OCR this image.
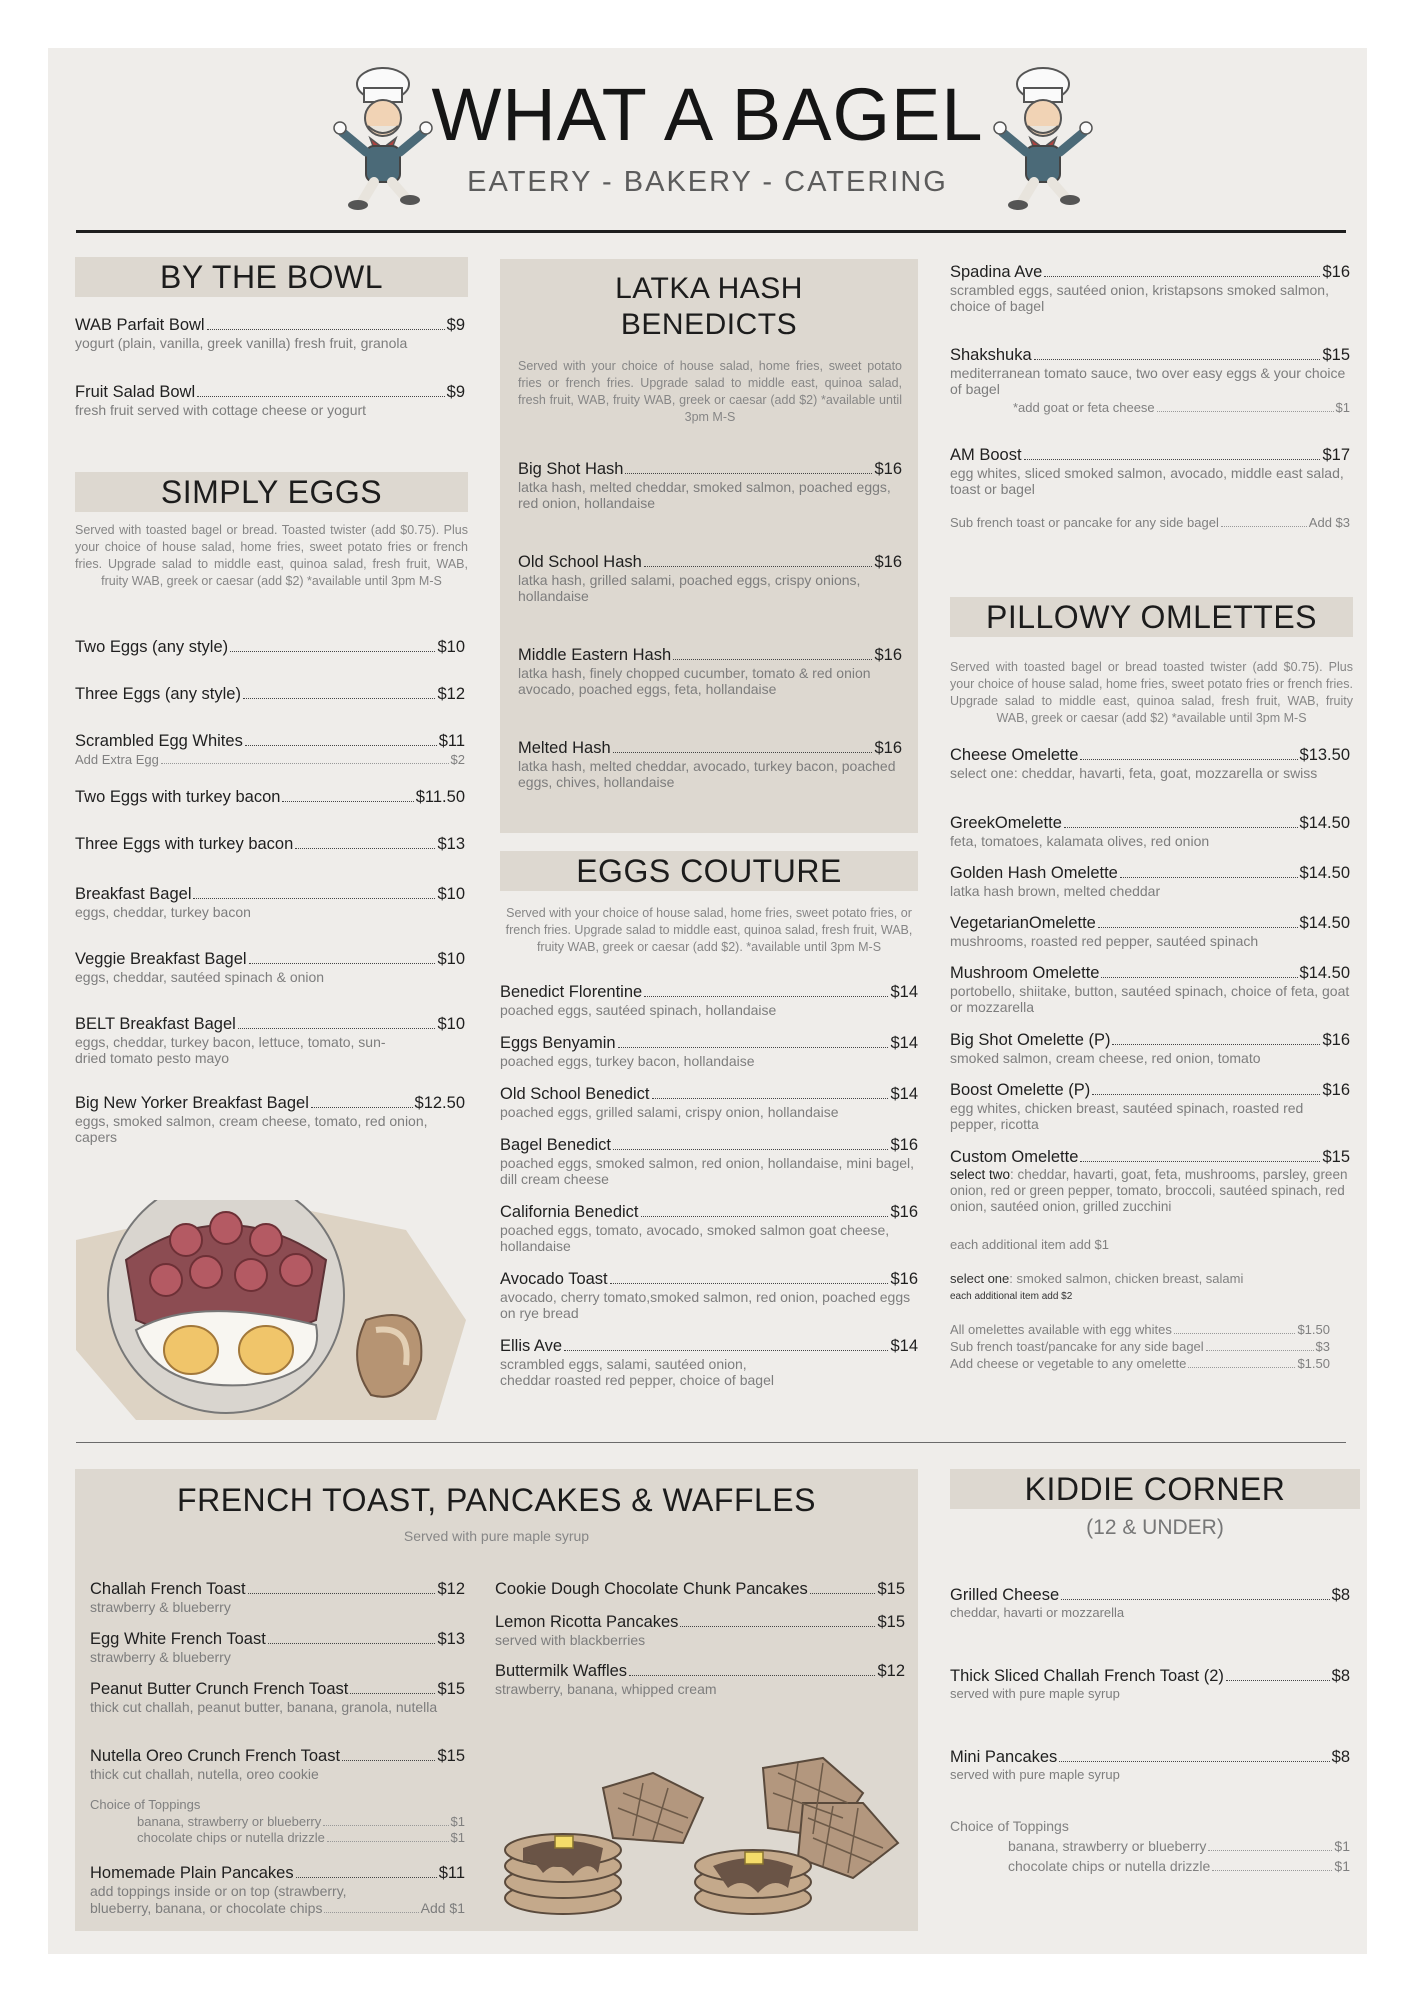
WHAT A BAGEL
EATERY - BAKERY - CATERING
BY THE BOWL
WAB Parfait Bowl	$9
yogurt (plain, vanilla, greek vanilla) fresh fruit, granola
Fruit Salad Bowl	$9
fresh fruit served with cottage cheese or yogurt
SIMPLY EGGS
Served with toasted bagel or bread. Toasted twister (add $0.75). Plus your choice of house salad, home fries, sweet potato fries or french fries. Upgrade salad to middle east, quinoa salad, fresh fruit, WAB, fruity WAB, greek or caesar (add $2) *available until 3pm M-S
Two Eggs (any style)	$10
Three Eggs (any style)	$12
Scrambled Egg Whites	$11
Add Extra Egg	$2
Two Eggs with turkey bacon	$11.50
Three Eggs with turkey bacon	$13
Breakfast Bagel	$10
eggs, cheddar, turkey bacon
Veggie Breakfast Bagel	$10
eggs, cheddar, sautéed spinach & onion
BELT Breakfast Bagel	$10
eggs, cheddar, turkey bacon, lettuce, tomato, sun-dried tomato pesto mayo
Big New Yorker Breakfast Bagel	$12.50
eggs, smoked salmon, cream cheese, tomato, red onion, capers
LATKA HASH
BENEDICTS
Served with your choice of house salad, home fries, sweet potato fries or french fries. Upgrade salad to middle east, quinoa salad, fresh fruit, WAB, fruity WAB, greek or caesar (add $2) *available until 3pm M-S
Big Shot Hash	$16
latka hash, melted cheddar, smoked salmon, poached eggs, red onion, hollandaise
Old School Hash	$16
latka hash, grilled salami, poached eggs, crispy onions, hollandaise
Middle Eastern Hash	$16
latka hash, finely chopped cucumber, tomato & red onion avocado, poached eggs, feta, hollandaise
Melted Hash	$16
latka hash, melted cheddar, avocado, turkey bacon, poached eggs, chives, hollandaise
EGGS COUTURE
Served with your choice of house salad, home fries, sweet potato fries, or french fries. Upgrade salad to middle east, quinoa salad, fresh fruit, WAB, fruity WAB, greek or caesar (add $2). *available until 3pm M-S
Benedict Florentine	$14
poached eggs, sautéed spinach, hollandaise
Eggs Benyamin	$14
poached eggs, turkey bacon, hollandaise
Old School Benedict	$14
poached eggs, grilled salami, crispy onion, hollandaise
Bagel Benedict	$16
poached eggs, smoked salmon, red onion, hollandaise, mini bagel, dill cream cheese
California Benedict	$16
poached eggs, tomato, avocado, smoked salmon goat cheese, hollandaise
Avocado Toast	$16
avocado, cherry tomato,smoked salmon, red onion, poached eggs on rye bread
Ellis Ave	$14
scrambled eggs, salami, sautéed onion, cheddar roasted red pepper, choice of bagel
Spadina Ave	$16
scrambled eggs, sautéed onion, kristapsons smoked salmon, choice of bagel
Shakshuka	$15
mediterranean tomato sauce, two over easy eggs & your choice of bagel
*add goat or feta cheese	$1
AM Boost	$17
egg whites, sliced smoked salmon, avocado, middle east salad, toast or bagel
Sub french toast or pancake for any side bagel	Add $3
PILLOWY OMLETTES
Served with toasted bagel or bread toasted twister (add $0.75). Plus your choice of house salad, home fries, sweet potato fries or french fries. Upgrade salad to middle east, quinoa salad, fresh fruit, WAB, fruity WAB, greek or caesar (add $2) *available until 3pm M-S
Cheese Omelette	$13.50
select one: cheddar, havarti, feta, goat, mozzarella or swiss
GreekOmelette	$14.50
feta, tomatoes, kalamata olives, red onion
Golden Hash Omelette	$14.50
latka hash brown, melted cheddar
VegetarianOmelette	$14.50
mushrooms, roasted red pepper, sautéed spinach
Mushroom Omelette	$14.50
portobello, shiitake, button, sautéed spinach, choice of feta, goat or mozzarella
Big Shot Omelette (P)	$16
smoked salmon, cream cheese, red onion, tomato
Boost Omelette (P)	$16
egg whites, chicken breast, sautéed spinach, roasted red pepper, ricotta
Custom Omelette	$15
select two: cheddar, havarti, goat, feta, mushrooms, parsley, green onion, red or green pepper, tomato, broccoli, sautéed spinach, red onion, sautéed onion, grilled zucchini
each additional item add $1
select one: smoked salmon, chicken breast, salami
each additional item add $2
All omelettes available with egg whites	$1.50
Sub french toast/pancake for any side bagel	$3
Add cheese or vegetable to any omelette	$1.50
FRENCH TOAST, PANCAKES & WAFFLES
Served with pure maple syrup
Challah French Toast	$12
strawberry & blueberry
Egg White French Toast	$13
strawberry & blueberry
Peanut Butter Crunch French Toast	$15
thick cut challah, peanut butter, banana, granola, nutella
Nutella Oreo Crunch French Toast	$15
thick cut challah, nutella, oreo cookie
Choice of Toppings
banana, strawberry or blueberry	$1
chocolate chips or nutella drizzle	$1
Homemade Plain Pancakes	$11
add toppings inside or on top (strawberry,
blueberry, banana, or chocolate chips	Add $1
Cookie Dough Chocolate Chunk Pancakes	$15
Lemon Ricotta Pancakes	$15
served with blackberries
Buttermilk Waffles	$12
strawberry, banana, whipped cream
KIDDIE CORNER
(12 & UNDER)
Grilled Cheese	$8
cheddar, havarti or mozzarella
Thick Sliced Challah French Toast (2)	$8
served with pure maple syrup
Mini Pancakes	$8
served with pure maple syrup
Choice of Toppings
banana, strawberry or blueberry	$1
chocolate chips or nutella drizzle	$1
